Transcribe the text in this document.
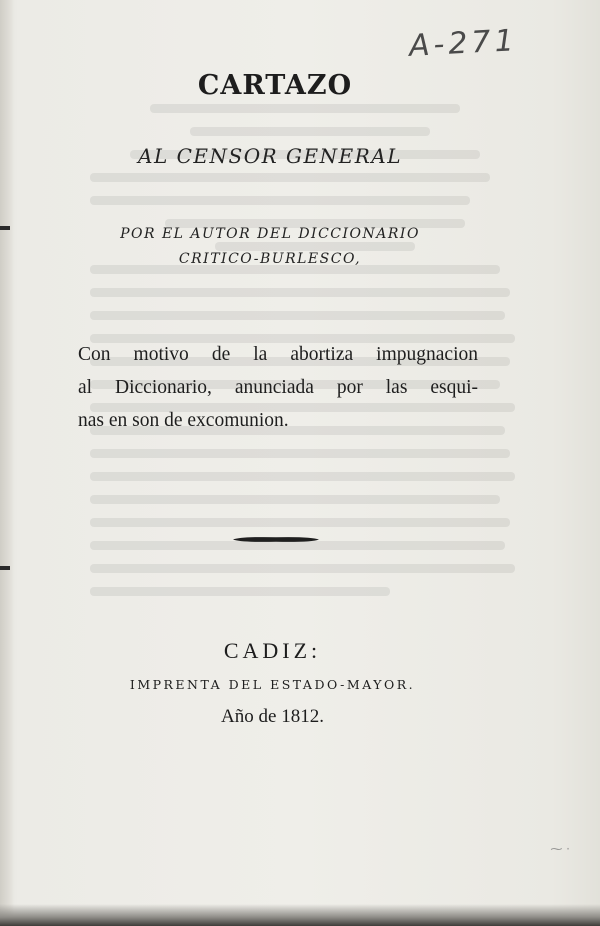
A-271
CARTAZO
AL CENSOR GENERAL
POR EL AUTOR DEL DICCIONARIO
CRITICO-BURLESCO,
Con motivo de la abortiza impugnacion
al Diccionario, anunciada por las esqui-
nas en son de excomunion.
CADIZ:
IMPRENTA DEL ESTADO-MAYOR.
Año de 1812.
⁓ ·
